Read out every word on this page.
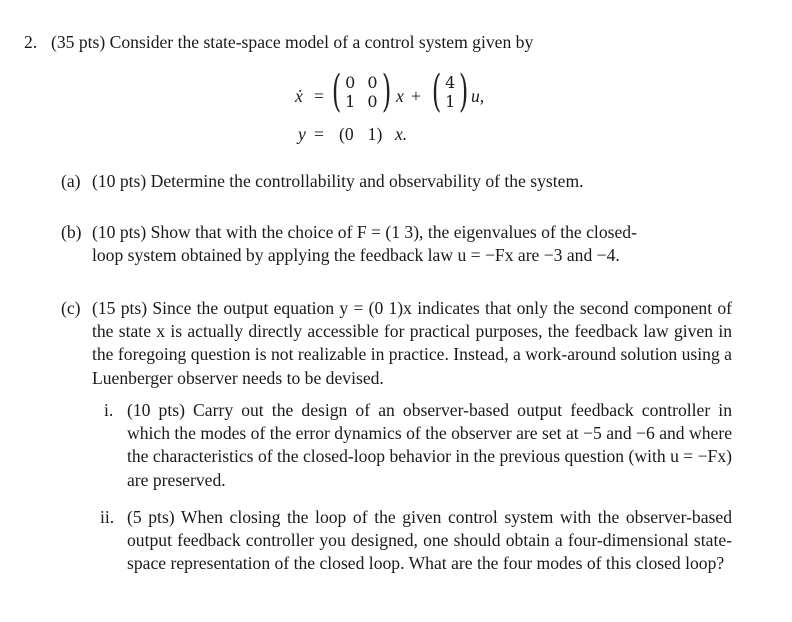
2. (35 pts) Consider the state-space model of a control system given by
ẋ = ( 0 0
1 0 ) x + ( 4
1 ) u,
y = (0 1) x.
(a) (10 pts) Determine the controllability and observability of the system.
(b) (10 pts) Show that with the choice of F = (1 3), the eigenvalues of the closed-
loop system obtained by applying the feedback law u = −Fx are −3 and −4.
(c) (15 pts) Since the output equation y = (0 1)x indicates that only the second component of the state x is actually directly accessible for practical purposes, the feedback law given in the foregoing question is not realizable in practice. Instead, a work-around solution using a Luenberger observer needs to be devised.
i. (10 pts) Carry out the design of an observer-based output feedback controller in which the modes of the error dynamics of the observer are set at −5 and −6 and where the characteristics of the closed-loop behavior in the previous question (with u = −Fx) are preserved.
ii. (5 pts) When closing the loop of the given control system with the observer-based output feedback controller you designed, one should obtain a four-dimensional state-space representation of the closed loop. What are the four modes of this closed loop?
